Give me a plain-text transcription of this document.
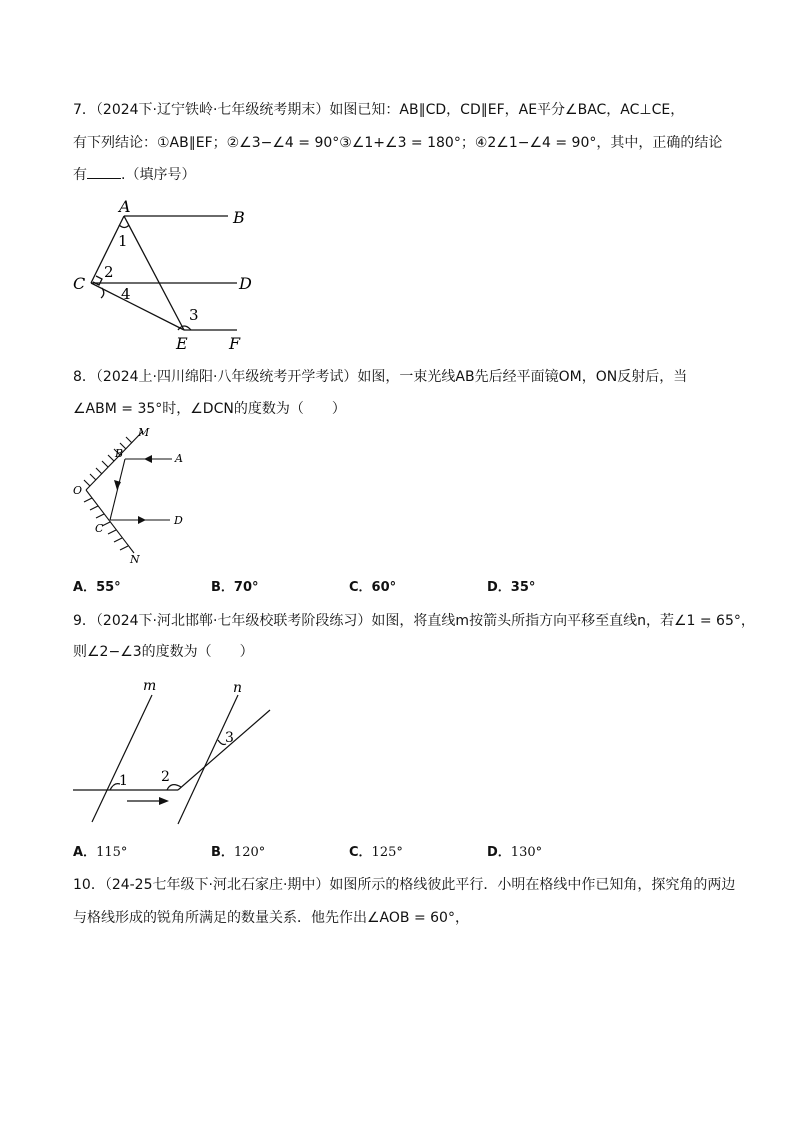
7．（2024下·辽宁铁岭·七年级统考期末）如图已知：AB∥CD，CD∥EF，AE平分∠BAC，AC⊥CE，
有下列结论：①AB∥EF；②∠3−∠4 = 90°③∠1+∠3 = 180°；④2∠1−∠4 = 90°，其中，正确的结论
有 .（填序号）
A
B
C	D
E	F
1
2
4
3
8．（2024上·四川绵阳·八年级统考开学考试）如图，一束光线AB先后经平面镜OM，ON反射后，当
∠ABM = 35°时，∠DCN的度数为（　　）
M
B	A
O
C
D
N
A．55°	B．70°	C．60°	D．35°
9．（2024下·河北邯郸·七年级校联考阶段练习）如图，将直线m按箭头所指方向平移至直线n，若∠1 = 65°，
则∠2−∠3的度数为（　　）
m	n
1 2
3
A．115°	B．120°	C．125°	D．130°
10．（24-25七年级下·河北石家庄·期中）如图所示的格线彼此平行．小明在格线中作已知角，探究角的两边
与格线形成的锐角所满足的数量关系．他先作出∠AOB = 60°，
